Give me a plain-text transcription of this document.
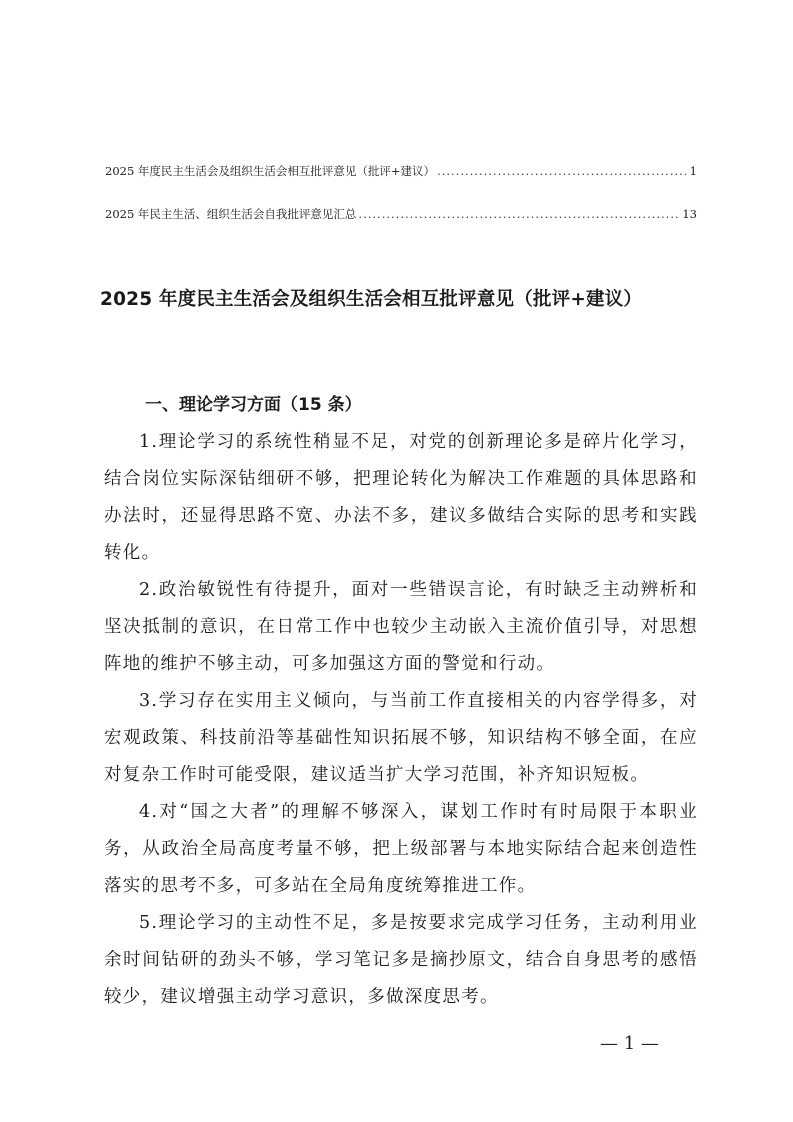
2025 年度民主生活会及组织生活会相互批评意见（批评+建议） .....	1
2025 年民主生活、组织生活会自我批评意见汇总 .....	13
2025 年度民主生活会及组织生活会相互批评意见（批评+建议）
一、理论学习方面（15 条）

1.理论学习的系统性稍显不足，对党的创新理论多是碎片化学习，结合岗位实际深钻细研不够，把理论转化为解决工作难题的具体思路和办法时，还显得思路不宽、办法不多，建议多做结合实际的思考和实践转化。

2.政治敏锐性有待提升，面对一些错误言论，有时缺乏主动辨析和坚决抵制的意识，在日常工作中也较少主动嵌入主流价值引导，对思想阵地的维护不够主动，可多加强这方面的警觉和行动。

3.学习存在实用主义倾向，与当前工作直接相关的内容学得多，对宏观政策、科技前沿等基础性知识拓展不够，知识结构不够全面，在应对复杂工作时可能受限，建议适当扩大学习范围，补齐知识短板。

4.对“国之大者”的理解不够深入，谋划工作时有时局限于本职业务，从政治全局高度考量不够，把上级部署与本地实际结合起来创造性落实的思考不多，可多站在全局角度统筹推进工作。

5.理论学习的主动性不足，多是按要求完成学习任务，主动利用业余时间钻研的劲头不够，学习笔记多是摘抄原文，结合自身思考的感悟较少，建议增强主动学习意识，多做深度思考。

— 1 —
